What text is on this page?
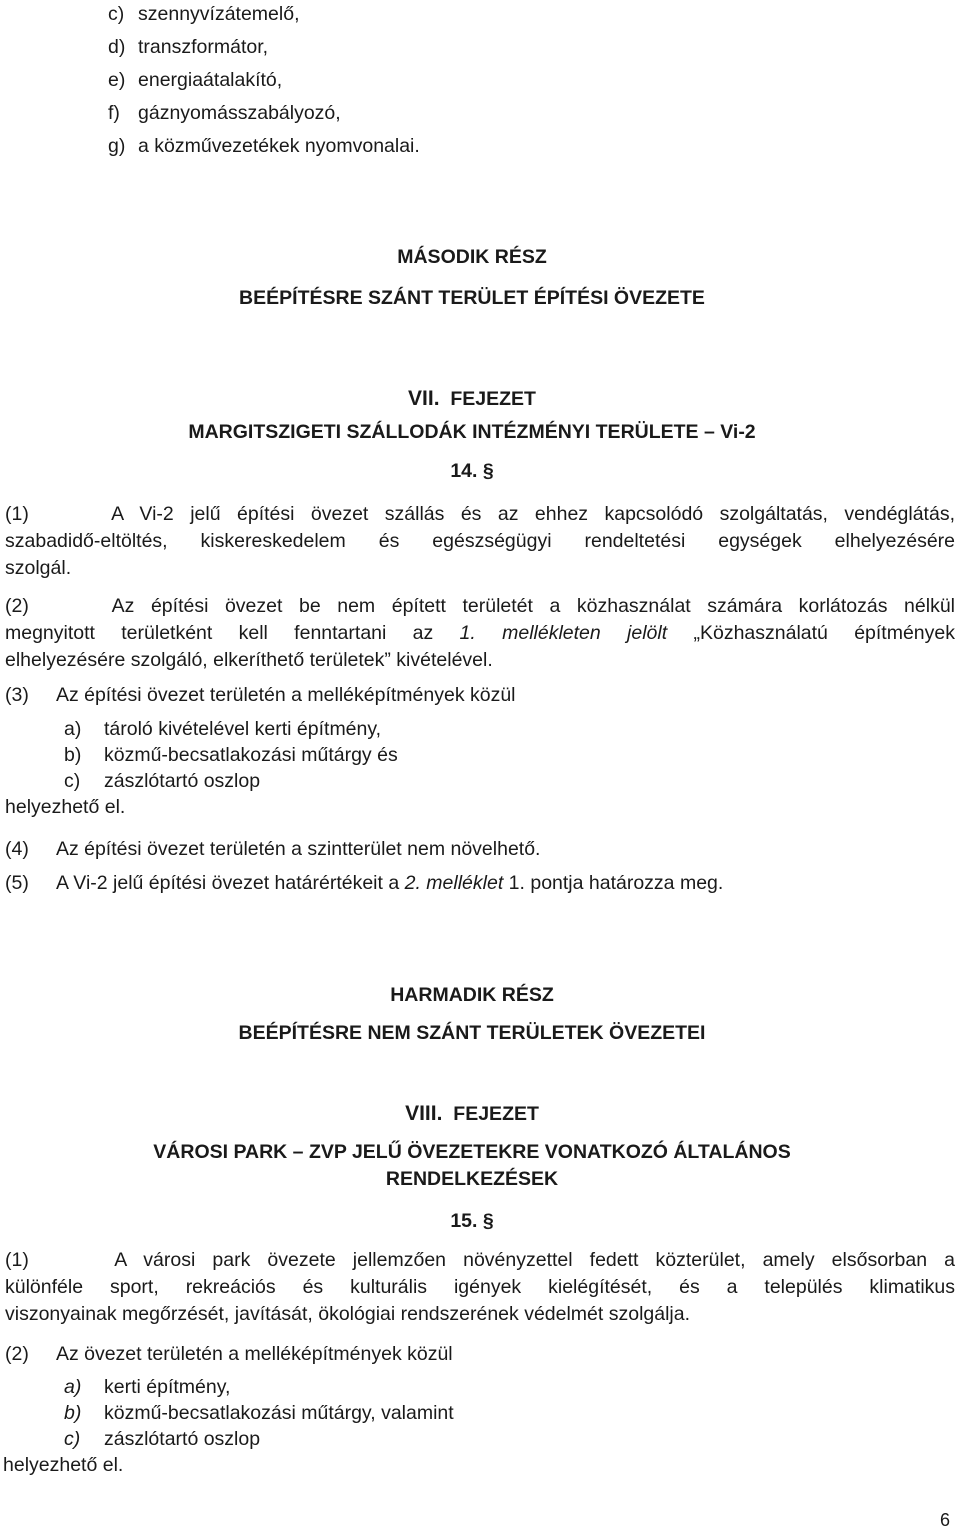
c) szennyvízátemelő,
d) transzformátor,
e) energiaátalakító,
f) gáznyomásszabályozó,
g) a közművezetékek nyomvonalai.
MÁSODIK RÉSZ
BEÉPÍTÉSRE SZÁNT TERÜLET ÉPÍTÉSI ÖVEZETE
VII. FEJEZET
MARGITSZIGETI SZÁLLODÁK INTÉZMÉNYI TERÜLETE – Vi-2
14. §
(1)	A Vi-2 jelű építési övezet szállás és az ehhez kapcsolódó szolgáltatás, vendéglátás,
szabadidő-eltöltés, kiskereskedelem és egészségügyi rendeltetési egységek elhelyezésére
szolgál.
(2)	Az építési övezet be nem épített területét a közhasználat számára korlátozás nélkül
megnyitott területként kell fenntartani az 1. mellékleten jelölt „Közhasználatú építmények
elhelyezésére szolgáló, elkeríthető területek” kivételével.
(3) Az építési övezet területén a melléképítmények közül
a) tároló kivételével kerti építmény,
b) közmű-becsatlakozási műtárgy és
c) zászlótartó oszlop
helyezhető el.
(4) Az építési övezet területén a szintterület nem növelhető.
(5) A Vi-2 jelű építési övezet határértékeit a 2. melléklet 1. pontja határozza meg.
HARMADIK RÉSZ
BEÉPÍTÉSRE NEM SZÁNT TERÜLETEK ÖVEZETEI
VIII. FEJEZET
VÁROSI PARK – ZVP JELŰ ÖVEZETEKRE VONATKOZÓ ÁLTALÁNOS
RENDELKEZÉSEK
15. §
(1)	A városi park övezete jellemzően növényzettel fedett közterület, amely elsősorban a
különféle sport, rekreációs és kulturális igények kielégítését, és a település klimatikus
viszonyainak megőrzését, javítását, ökológiai rendszerének védelmét szolgálja.
(2) Az övezet területén a melléképítmények közül
a) kerti építmény,
b) közmű-becsatlakozási műtárgy, valamint
c) zászlótartó oszlop
helyezhető el.
6
